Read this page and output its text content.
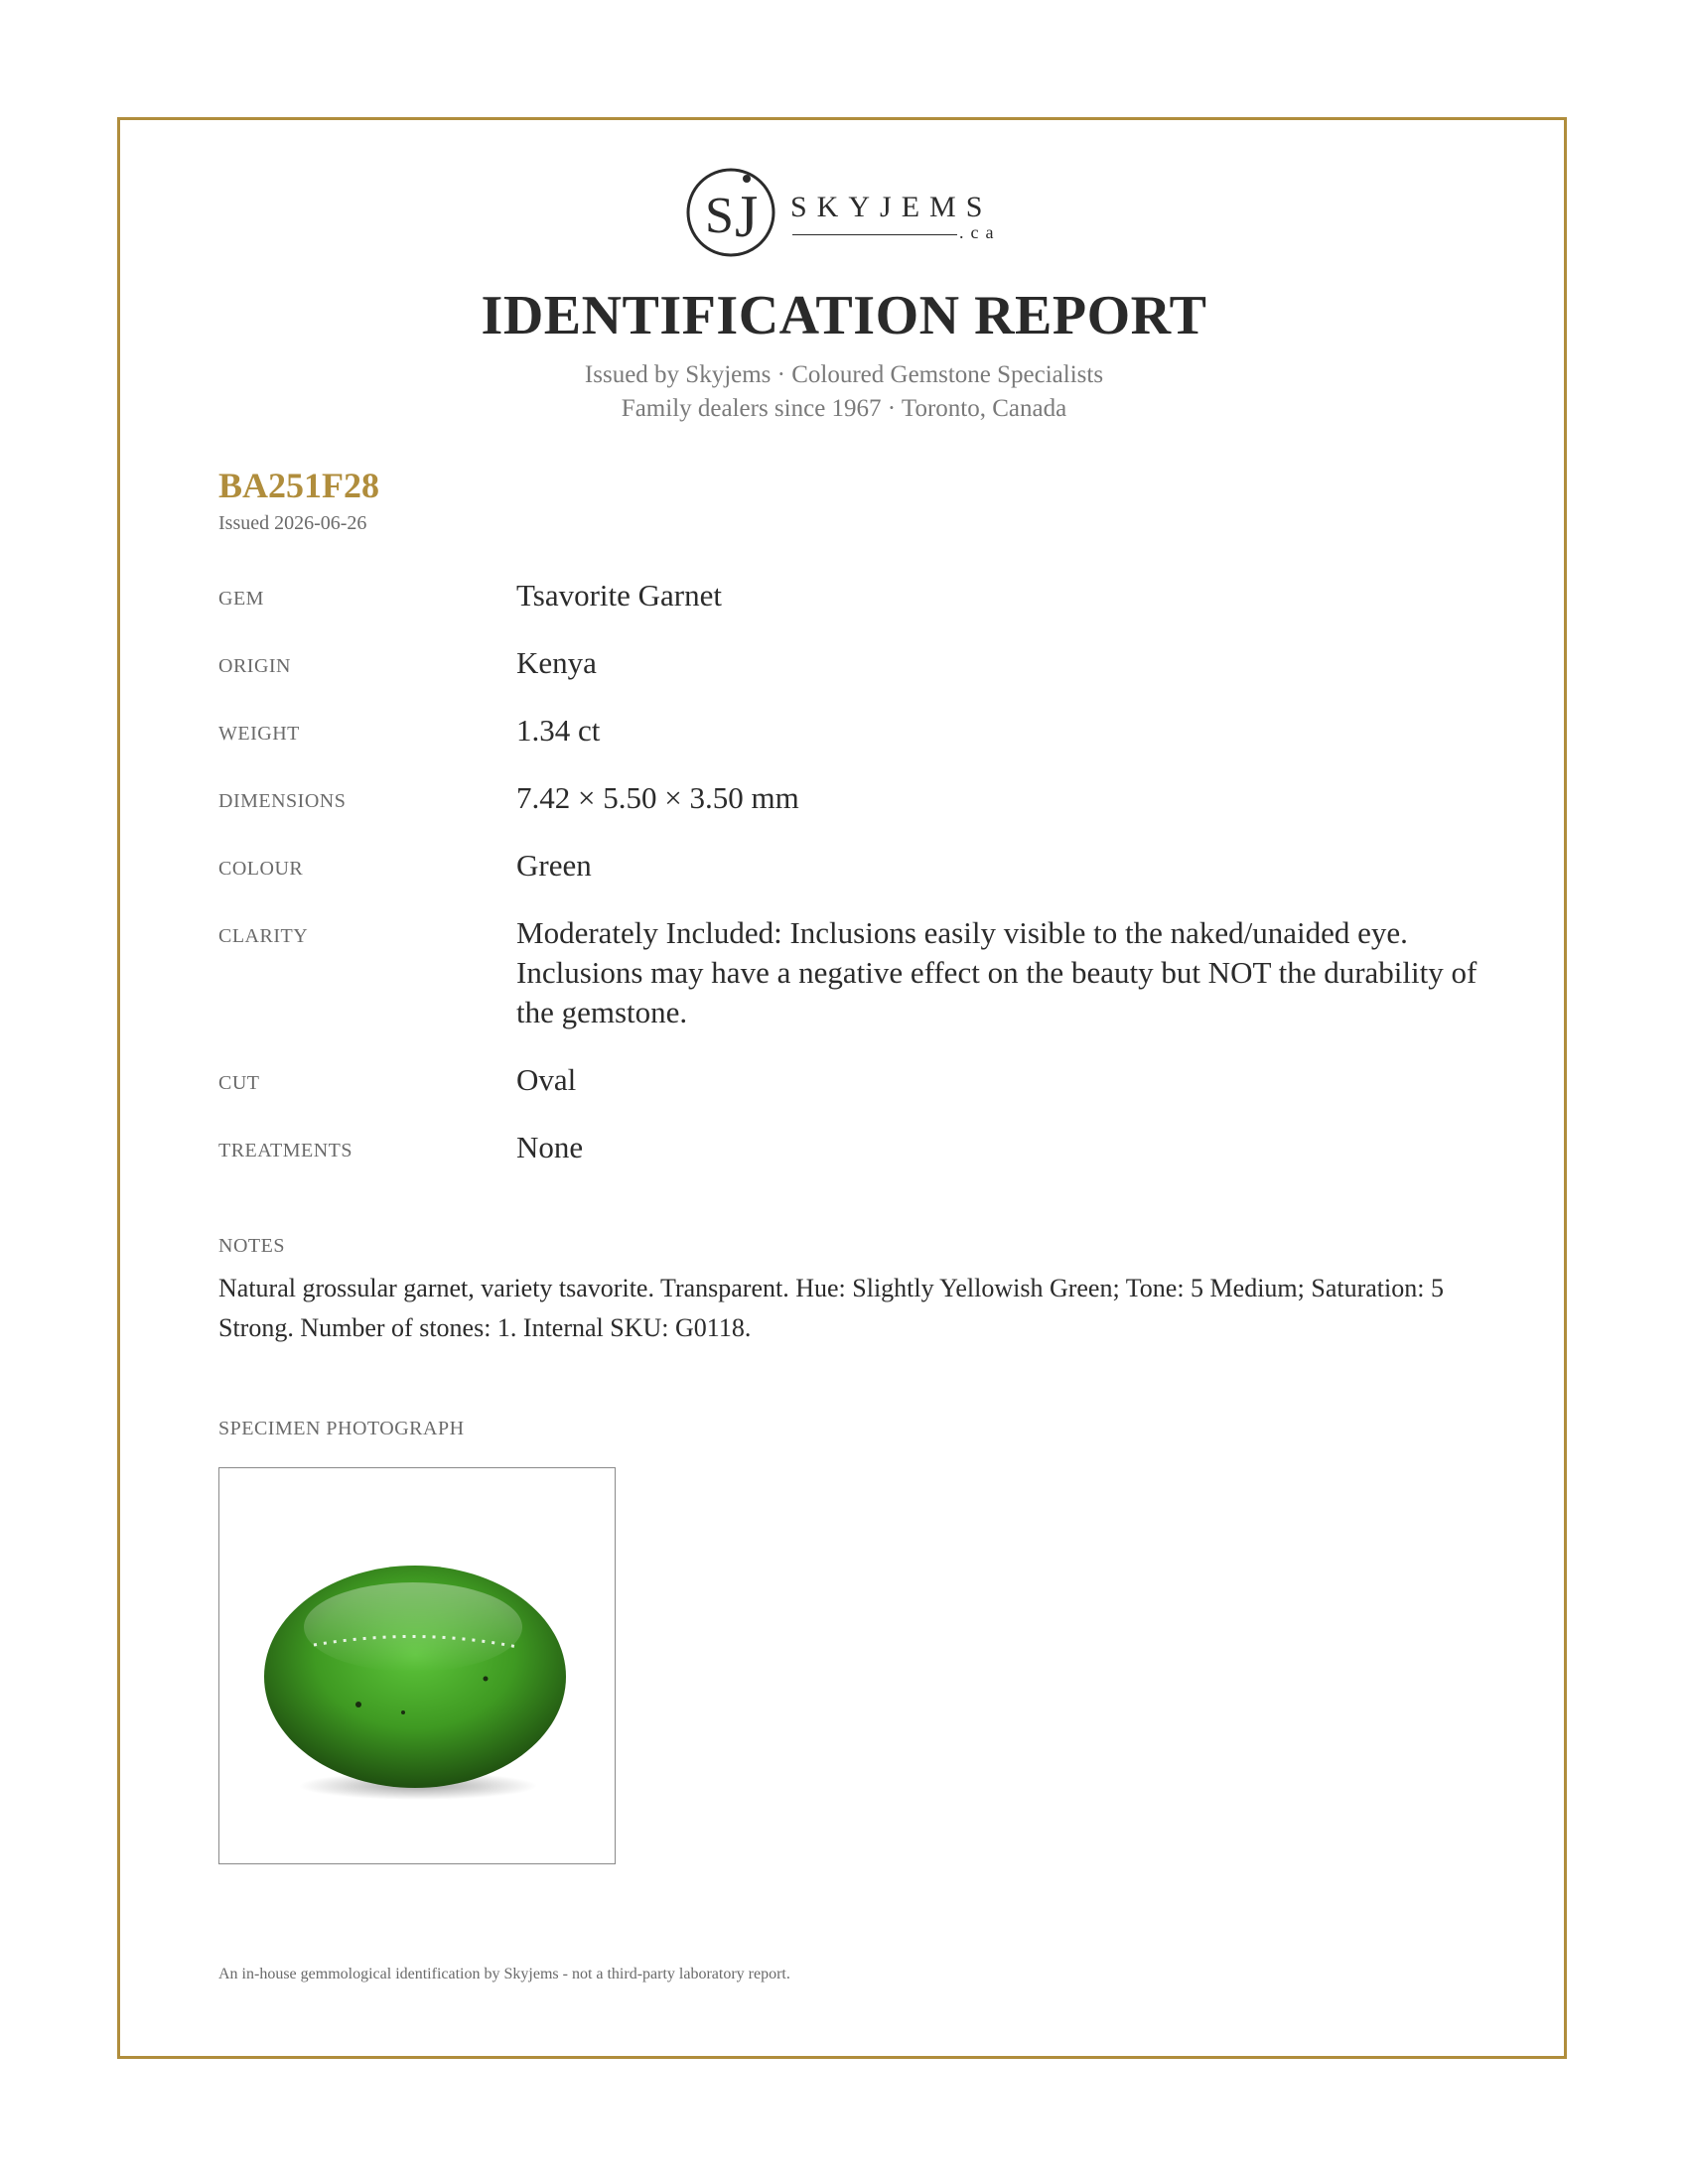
S J SKYJEMS
.ca
IDENTIFICATION REPORT
Issued by Skyjems · Coloured Gemstone Specialists
Family dealers since 1967 · Toronto, Canada
BA251F28
Issued 2026-06-26
GEM	Tsavorite Garnet
ORIGIN	Kenya
WEIGHT	1.34 ct
DIMENSIONS	7.42 × 5.50 × 3.50 mm
COLOUR	Green
CLARITY	Moderately Included: Inclusions easily visible to the naked/unaided eye. Inclusions may have a negative effect on the beauty but NOT the durability of the gemstone.
CUT	Oval
TREATMENTS	None
NOTES
Natural grossular garnet, variety tsavorite. Transparent. Hue: Slightly Yellowish Green; Tone: 5 Medium; Saturation: 5 Strong. Number of stones: 1. Internal SKU: G0118.
SPECIMEN PHOTOGRAPH
An in-house gemmological identification by Skyjems - not a third-party laboratory report.
